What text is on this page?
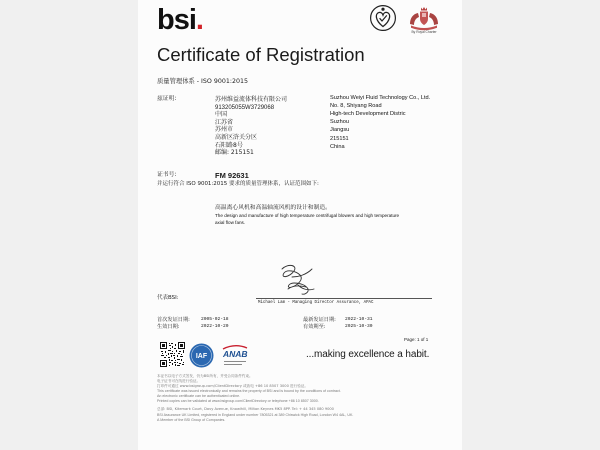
bsi.	By Royal Charter
Certificate of Registration
质量管理体系 - ISO 9001:2015
兹证明:	苏州维益流体科技有限公司
913205055W3729068
中国
江苏省
苏州市
高新区浒关分区
石阳路8号
邮编: 215151
Suzhou Weiyi Fluid Technology Co., Ltd.
No. 8, Shiyang Road
High-tech Development Distric
Suzhou
Jiangsu
215151
China
证书号:	FM 92631
并运行符合 ISO 9001:2015 要求的质量管理体系，认证范围如下:
高温离心风机和高温轴流风机的设计和制造。
The design and manufacture of high temperature centrifugal blowers and high temperature
axial flow fans.
代表BSI:
Michael Lam - Managing Director Assurance, APAC
首次发证日期: 2005-02-18
生效日期:	2022-10-20
最新发证日期: 2022-10-31
有效期至:	2025-10-30
Page: 1 of 1
IAF ANAB	...making excellence a habit.
本证书以电子方式签发，仍为BSI所有，并受合同条件约束。
电子证书可在线进行验证。
打印件可通过 www.bsigroup.com/ClientDirectory 或致电 +86 10 8507 3000 进行验证。
This certificate was issued electronically and remains the property of BSI and is bound by the conditions of contract.
An electronic certificate can be authenticated online.
Printed copies can be validated at www.bsigroup.com/ClientDirectory or telephone +86 10 8507 3000.
总部: BSI, Kitemark Court, Davy Avenue, Knowlhill, Milton Keynes MK5 8PP. Tel: + 44 345 080 9000
BSI Assurance UK Limited, registered in England under number 7805321 at 389 Chiswick High Road, London W4 4AL, UK.
A Member of the BSI Group of Companies.
